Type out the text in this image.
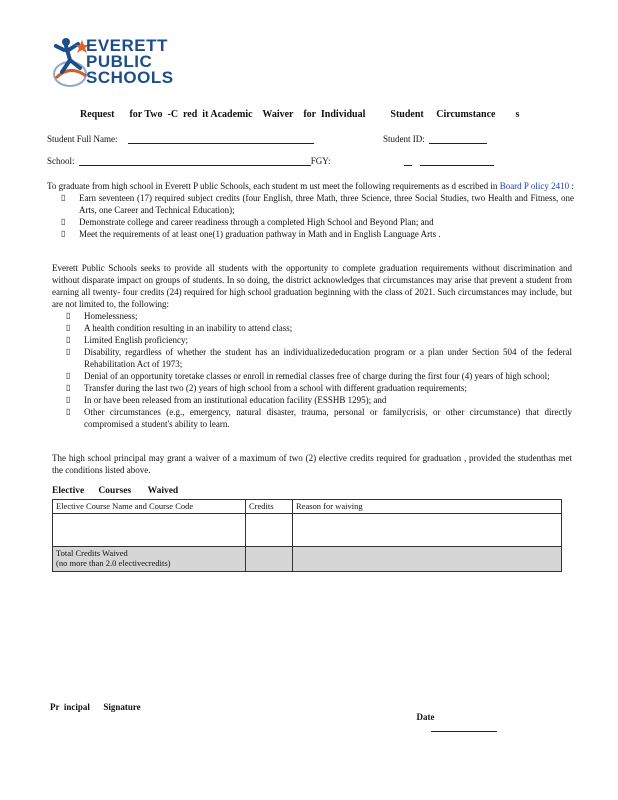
EVERETT
PUBLIC
SCHOOLS
Request      for Two  -C  red  it Academic    Waiver    for  Individual          Student     Circumstance        s
Student Full Name:	Student ID:
School:	FGY:

To graduate from high school in Everett P ublic Schools, each student m ust meet the following requirements as d escribed in Board P olicy 2410 :
▯ Earn seventeen (17) required subject credits (four English, three Math, three Science, three Social Studies, two Health and Fitness, one Arts, one Career and Technical Education);
▯ Demonstrate college and career readiness through a completed High School and Beyond Plan; and
▯ Meet the requirements of at least one(1) graduation pathway in Math and in English Language Arts .
Everett Public Schools seeks to provide all students with the opportunity to complete graduation requirements without discrimination and without disparate impact on groups of students. In so doing, the district acknowledges that circumstances may arise that prevent a student from earning all twenty- four credits (24) required for high school graduation beginning with the class of 2021. Such circumstances may include, but are not limited to, the following:
▯ Homelessness;
▯ A health condition resulting in an inability to attend class;
▯ Limited English proficiency;
▯ Disability, regardless of whether the student has an individualizededucation program or a plan under Section 504 of the federal Rehabilitation Act of 1973;
▯ Denial of an opportunity toretake classes or enroll in remedial classes free of charge during the first four (4) years of high school;
▯ Transfer during the last two (2) years of high school from a school with different graduation requirements;
▯ In or have been released from an institutional education facility (ESSHB 1295); and
▯ Other circumstances (e.g., emergency, natural disaster, trauma, personal or familycrisis, or other circumstance) that directly compromised a student's ability to learn.
The high school principal may grant a waiver of a maximum of two (2) elective credits required for graduation , provided the studenthas met the conditions listed above.
Elective      Courses       Waived
Elective Course Name and Course Code	Credits	Reason for waiving

Total Credits Waived
(no more than 2.0 electivecredits)		

Pr  incipal      Signature

Date
